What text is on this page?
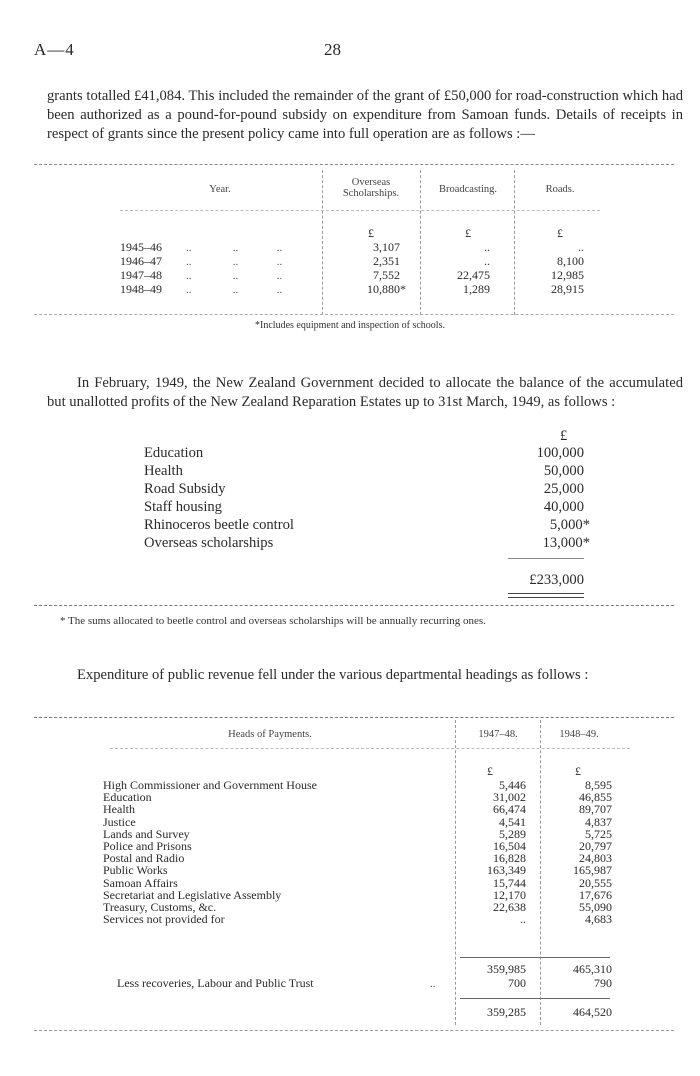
A—4	28

grants totalled £41,084. This included the remainder of the grant of £50,000 for road-construction which had been authorized as a pound-for-pound subsidy on expenditure from Samoan funds. Details of receipts in respect of grants since the present policy came into full operation are as follows :—

Year.
Overseas Scholarships.	Broadcasting.	Roads.
£	£	£
1945–46 ..               ..              ..	3,107	..	..
1946–47 ..               ..              ..	2,351	..	8,100
1947–48 ..               ..              ..	7,552	22,475	12,985
1948–49 ..               ..              ..	10,880*	1,289	28,915
*Includes equipment and inspection of schools.

In February, 1949, the New Zealand Government decided to allocate the balance of the accumulated but unallotted profits of the New Zealand Reparation Estates up to 31st March, 1949, as follows :

£
Education	100,000
Health	50,000
Road Subsidy	25,000
Staff housing	40,000
Rhinoceros beetle control	5,000*
Overseas scholarships	13,000*
£233,000
* The sums allocated to beetle control and overseas scholarships will be annually recurring ones.

Expenditure of public revenue fell under the various departmental headings as follows :

Heads of Payments.	1947–48.	1948–49.
£	£
High Commissioner and Government House	5,446	8,595
Education	31,002	46,855
Health	66,474	89,707
Justice	4,541	4,837
Lands and Survey	5,289	5,725
Police and Prisons	16,504	20,797
Postal and Radio	16,828	24,803
Public Works	163,349	165,987
Samoan Affairs	15,744	20,555
Secretariat and Legislative Assembly	12,170	17,676
Treasury, Customs, &c.	22,638	55,090
Services not provided for	..	4,683
359,985	465,310
Less recoveries, Labour and Public Trust	..	700	790
359,285	464,520
